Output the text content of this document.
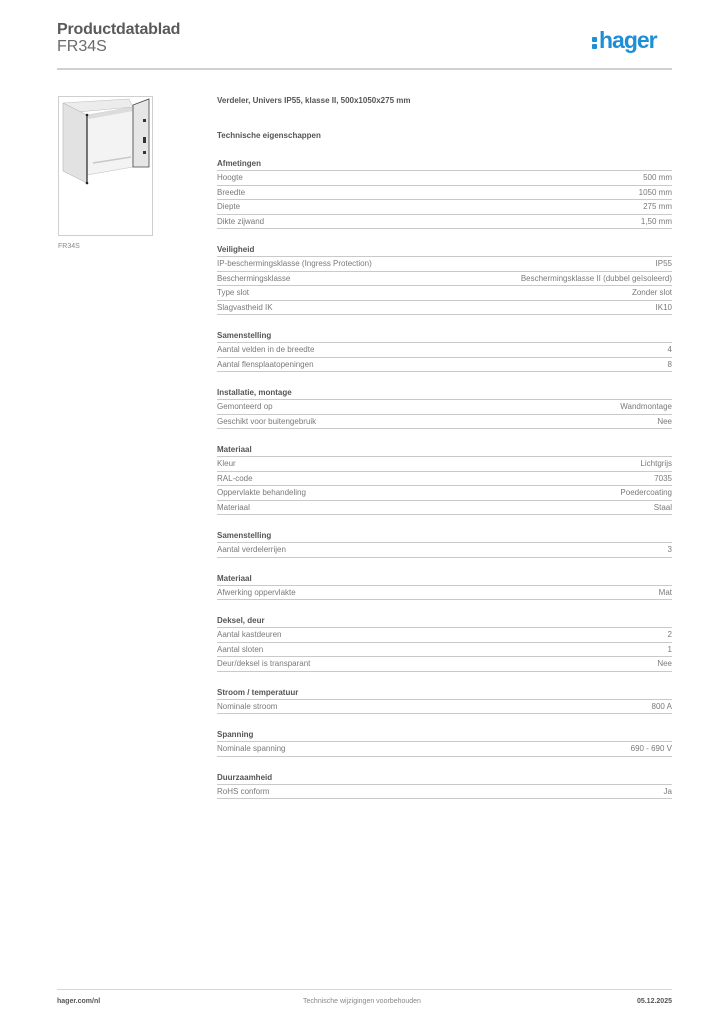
Productdatablad
FR34S	hager
FR34S
Verdeler, Univers IP55, klasse II, 500x1050x275 mm
Technische eigenschappen
Afmetingen
Hoogte	500 mm
Breedte	1050 mm
Diepte	275 mm
Dikte zijwand	1,50 mm
Veiligheid
IP-beschermingsklasse (Ingress Protection)	IP55
Beschermingsklasse	Beschermingsklasse II (dubbel geïsoleerd)
Type slot	Zonder slot
Slagvastheid IK	IK10
Samenstelling
Aantal velden in de breedte	4
Aantal flensplaatopeningen	8
Installatie, montage
Gemonteerd op	Wandmontage
Geschikt voor buitengebruik	Nee
Materiaal
Kleur	Lichtgrijs
RAL-code	7035
Oppervlakte behandeling	Poedercoating
Materiaal	Staal
Samenstelling
Aantal verdelerrijen	3
Materiaal
Afwerking oppervlakte	Mat
Deksel, deur
Aantal kastdeuren	2
Aantal sloten	1
Deur/deksel is transparant	Nee
Stroom / temperatuur
Nominale stroom	800 A
Spanning
Nominale spanning	690 - 690 V
Duurzaamheid
RoHS conform	Ja
hager.com/nl	Technische wijzigingen voorbehouden	05.12.2025
